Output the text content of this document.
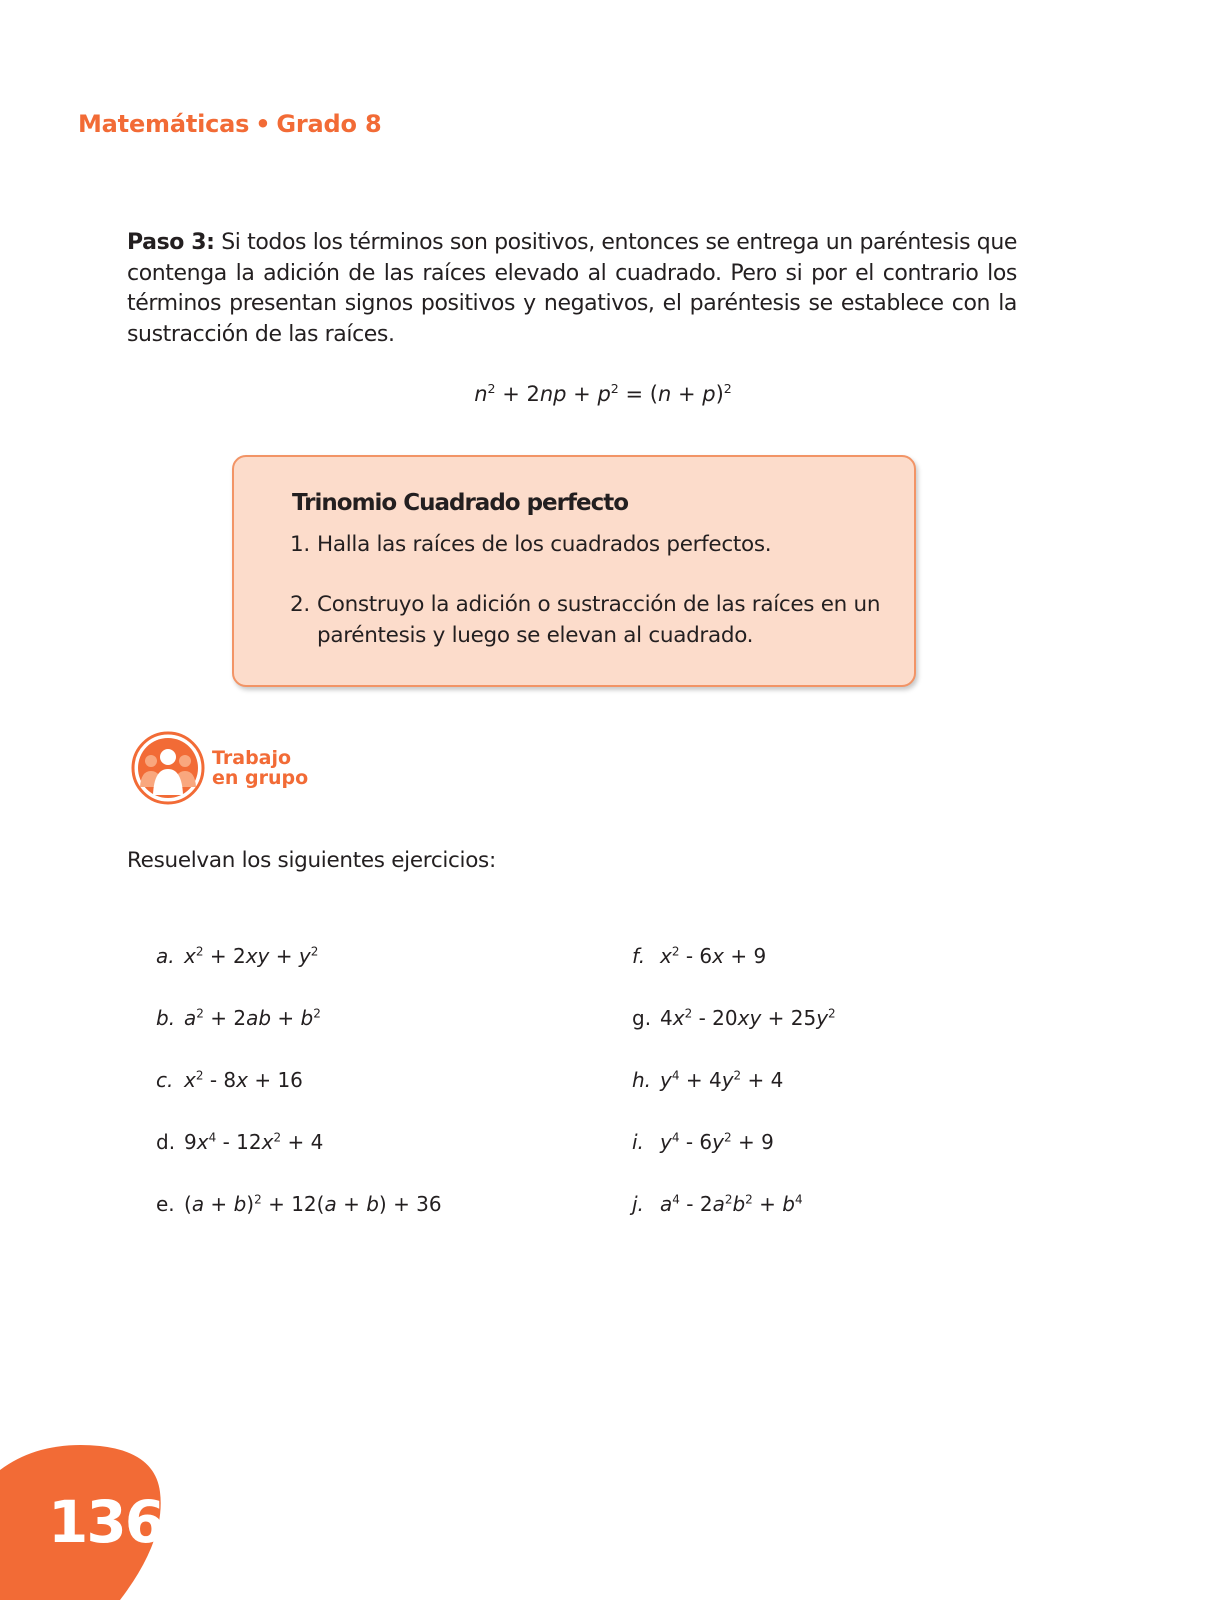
Matemáticas • Grado 8
Paso 3: Si todos los términos son positivos, entonces se entrega un paréntesis que contenga la adición de las raíces elevado al cuadrado. Pero si por el contrario los términos presentan signos positivos y negativos, el paréntesis se establece con la sustracción de las raíces.
$n^2 + 2np + p^2 = (n + p)^2$
Trinomio Cuadrado perfecto
1. Halla las raíces de los cuadrados perfectos.
2. Construyo la adición o sustracción de las raíces en un paréntesis y luego se elevan al cuadrado.
Trabajo
en grupo
Resuelvan los siguientes ejercicios:
a. $x^2 + 2xy + y^2$
b. $a^2 + 2ab + b^2$
c. $x^2 - 8x + 16$
d. $9x^4 - 12x^2 + 4$
e. $(a + b)^2 + 12(a + b) + 36$
f. $x^2 - 6x + 9$
g. $4x^2 - 20xy + 25y^2$
h. $y^4 + 4y^2 + 4$
i. $y^4 - 6y^2 + 9$
j. $a^4 - 2a^2b^2 + b^4$
136
